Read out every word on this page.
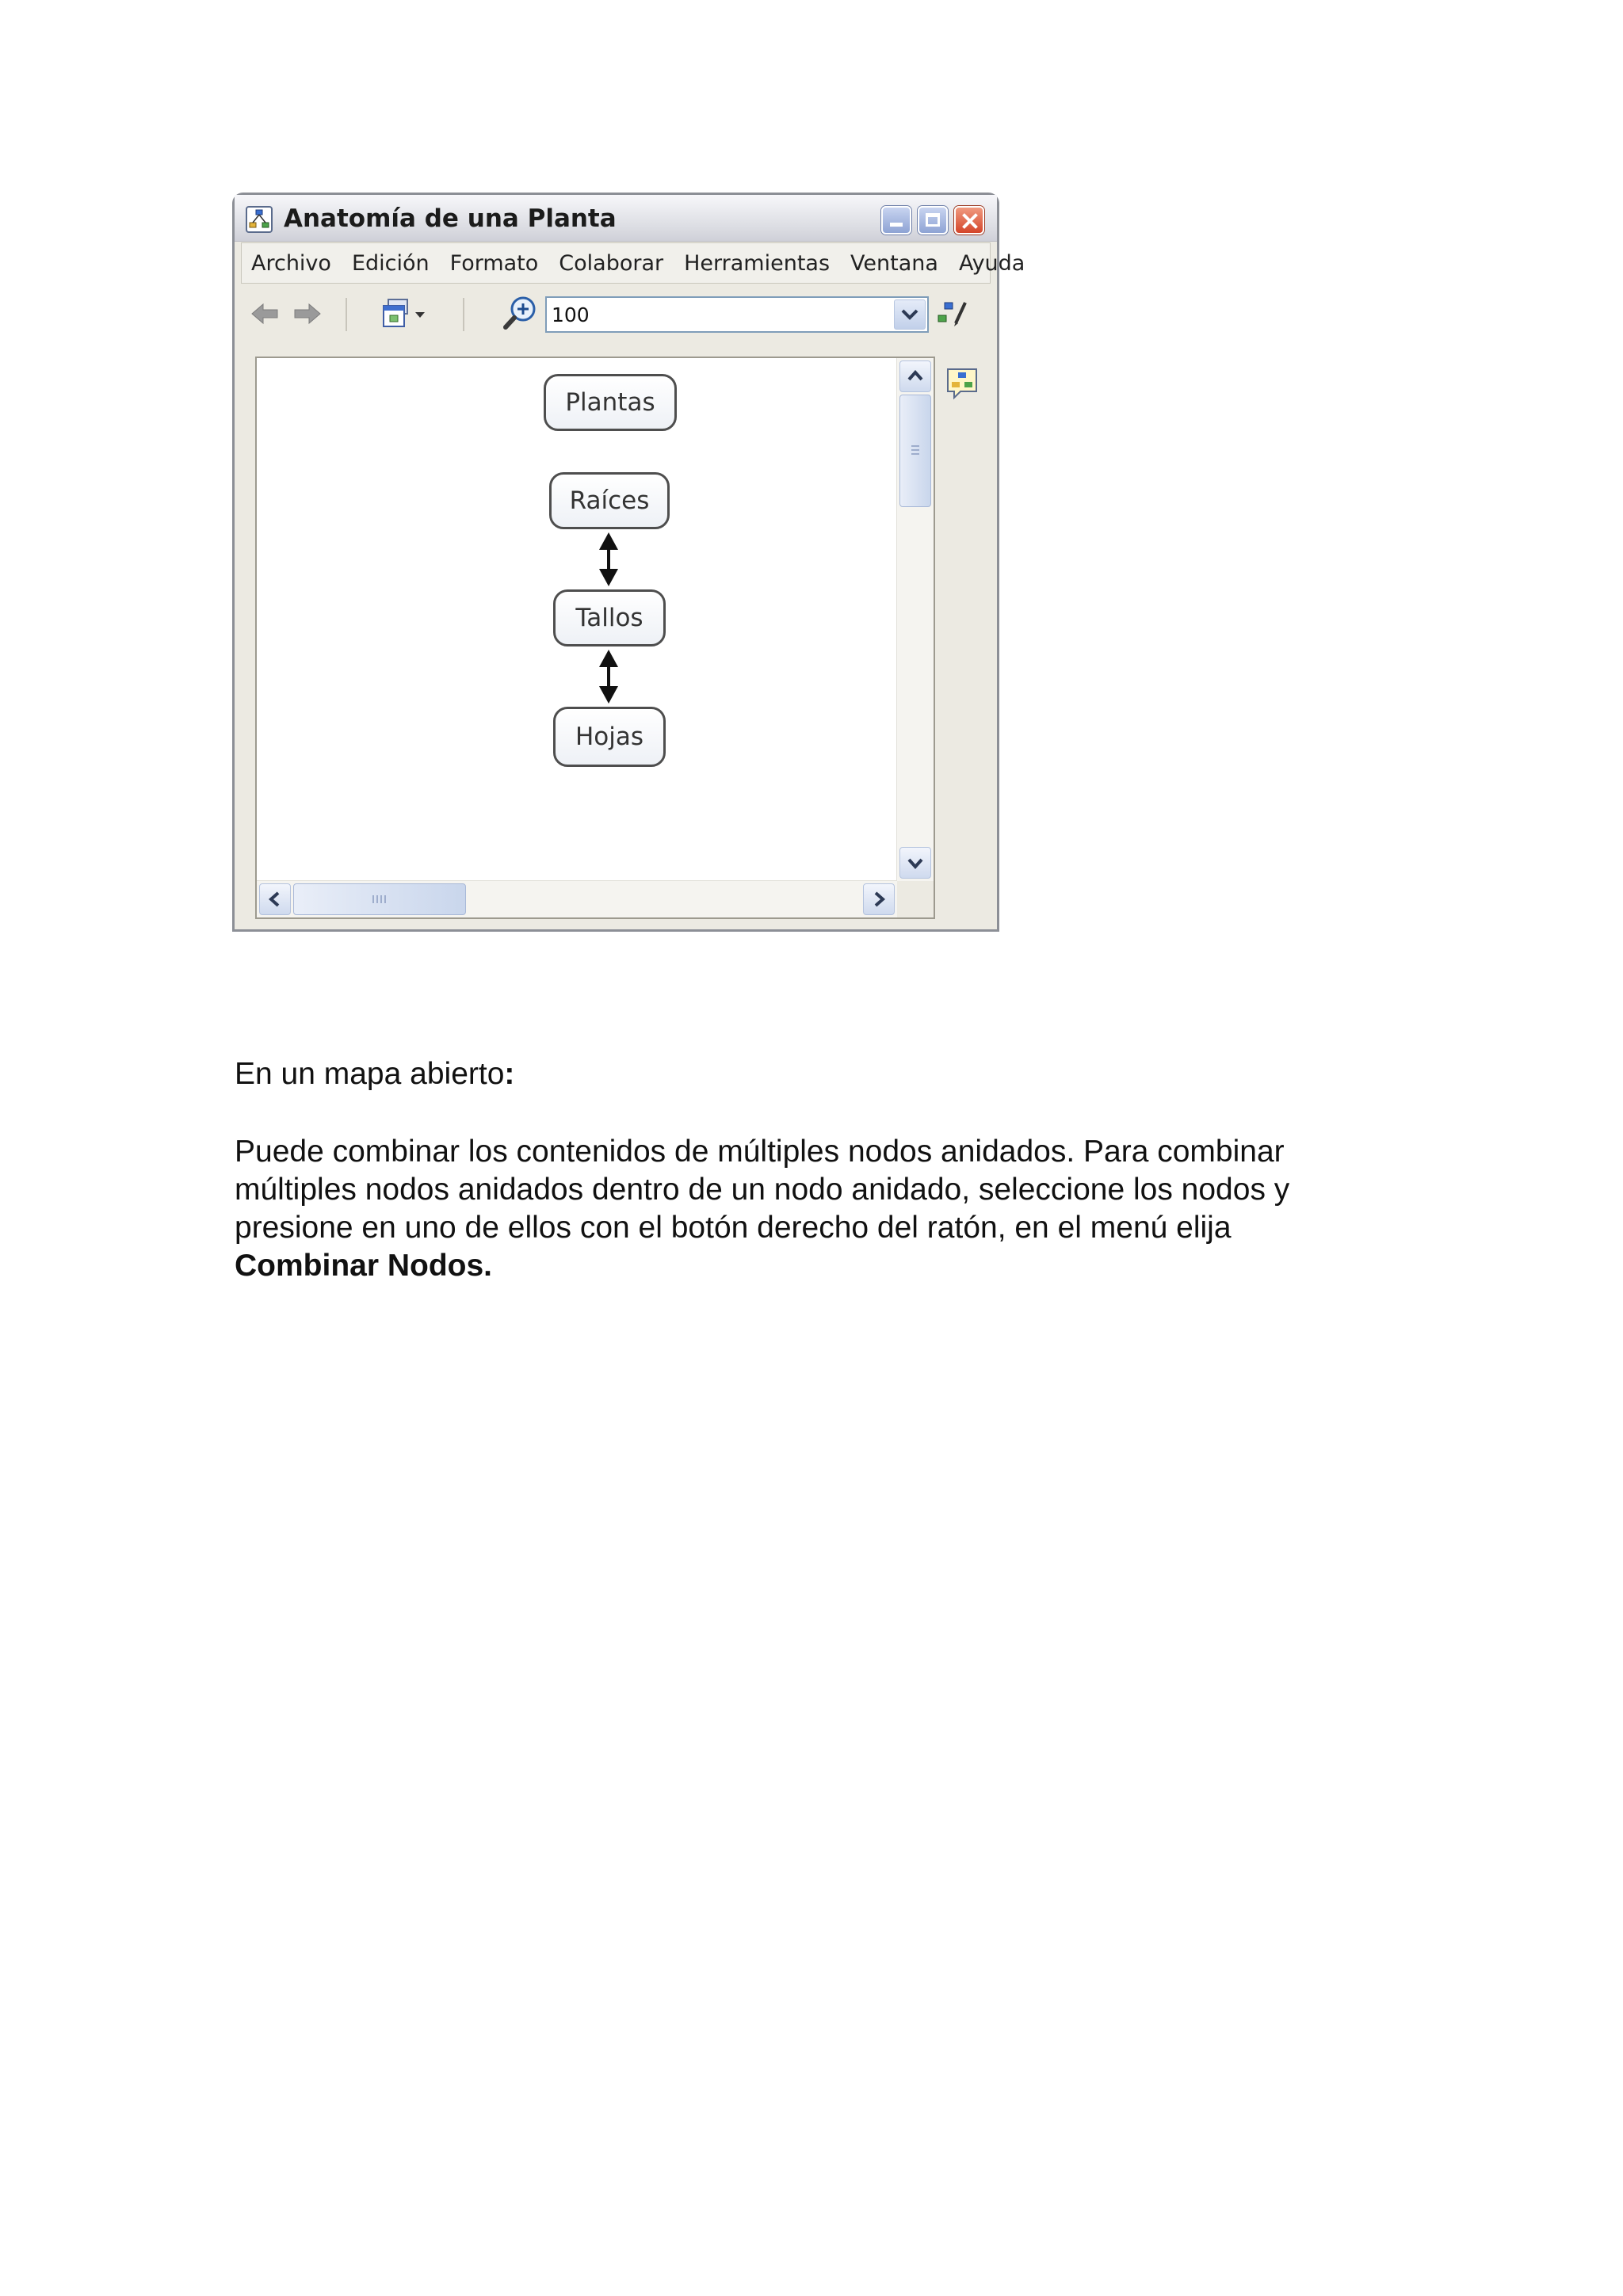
Anatomía de una Planta
Archivo Edición Formato Colaborar Herramientas Ventana Ayuda
100
Plantas
Raíces
Tallos
Hojas
En un mapa abierto:
Puede combinar los contenidos de múltiples nodos anidados. Para combinar
múltiples nodos anidados dentro de un nodo anidado, seleccione los nodos y
presione en uno de ellos con el botón derecho del ratón, en el menú elija
Combinar Nodos.
